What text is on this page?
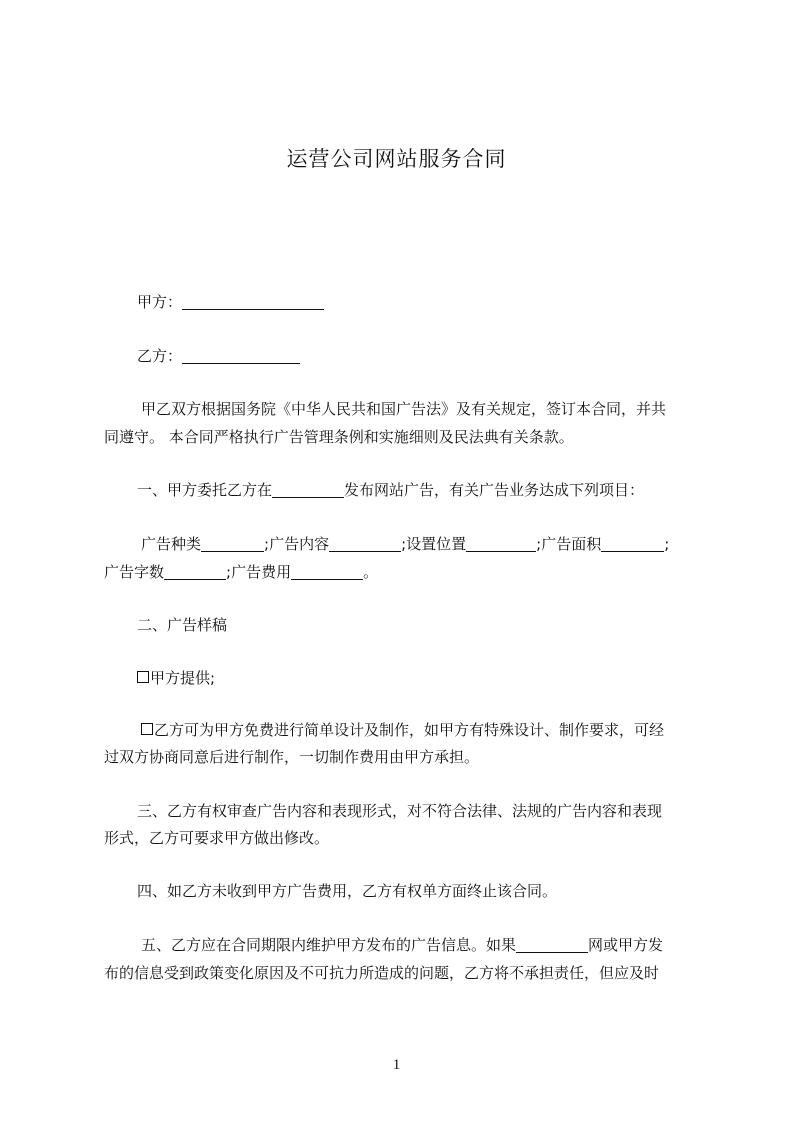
运营公司网站服务合同
甲方：
乙方：
甲乙双方根据国务院《中华人民共和国广告法》及有关规定，签订本合同，并共
同遵守。 本合同严格执行广告管理条例和实施细则及民法典有关条款。
一、甲方委托乙方在	发布网站广告，有关广告业务达成下列项目：
广告种类	;广告内容	;设置位置	;广告面积	;
广告字数	;广告费用	。
二、广告样稿
甲方提供;
乙方可为甲方免费进行简单设计及制作，如甲方有特殊设计、制作要求，可经
过双方协商同意后进行制作，一切制作费用由甲方承担。
三、乙方有权审查广告内容和表现形式，对不符合法律、法规的广告内容和表现
形式，乙方可要求甲方做出修改。
四、如乙方未收到甲方广告费用，乙方有权单方面终止该合同。
五、乙方应在合同期限内维护甲方发布的广告信息。如果	网或甲方发
布的信息受到政策变化原因及不可抗力所造成的问题，乙方将不承担责任，但应及时
1
